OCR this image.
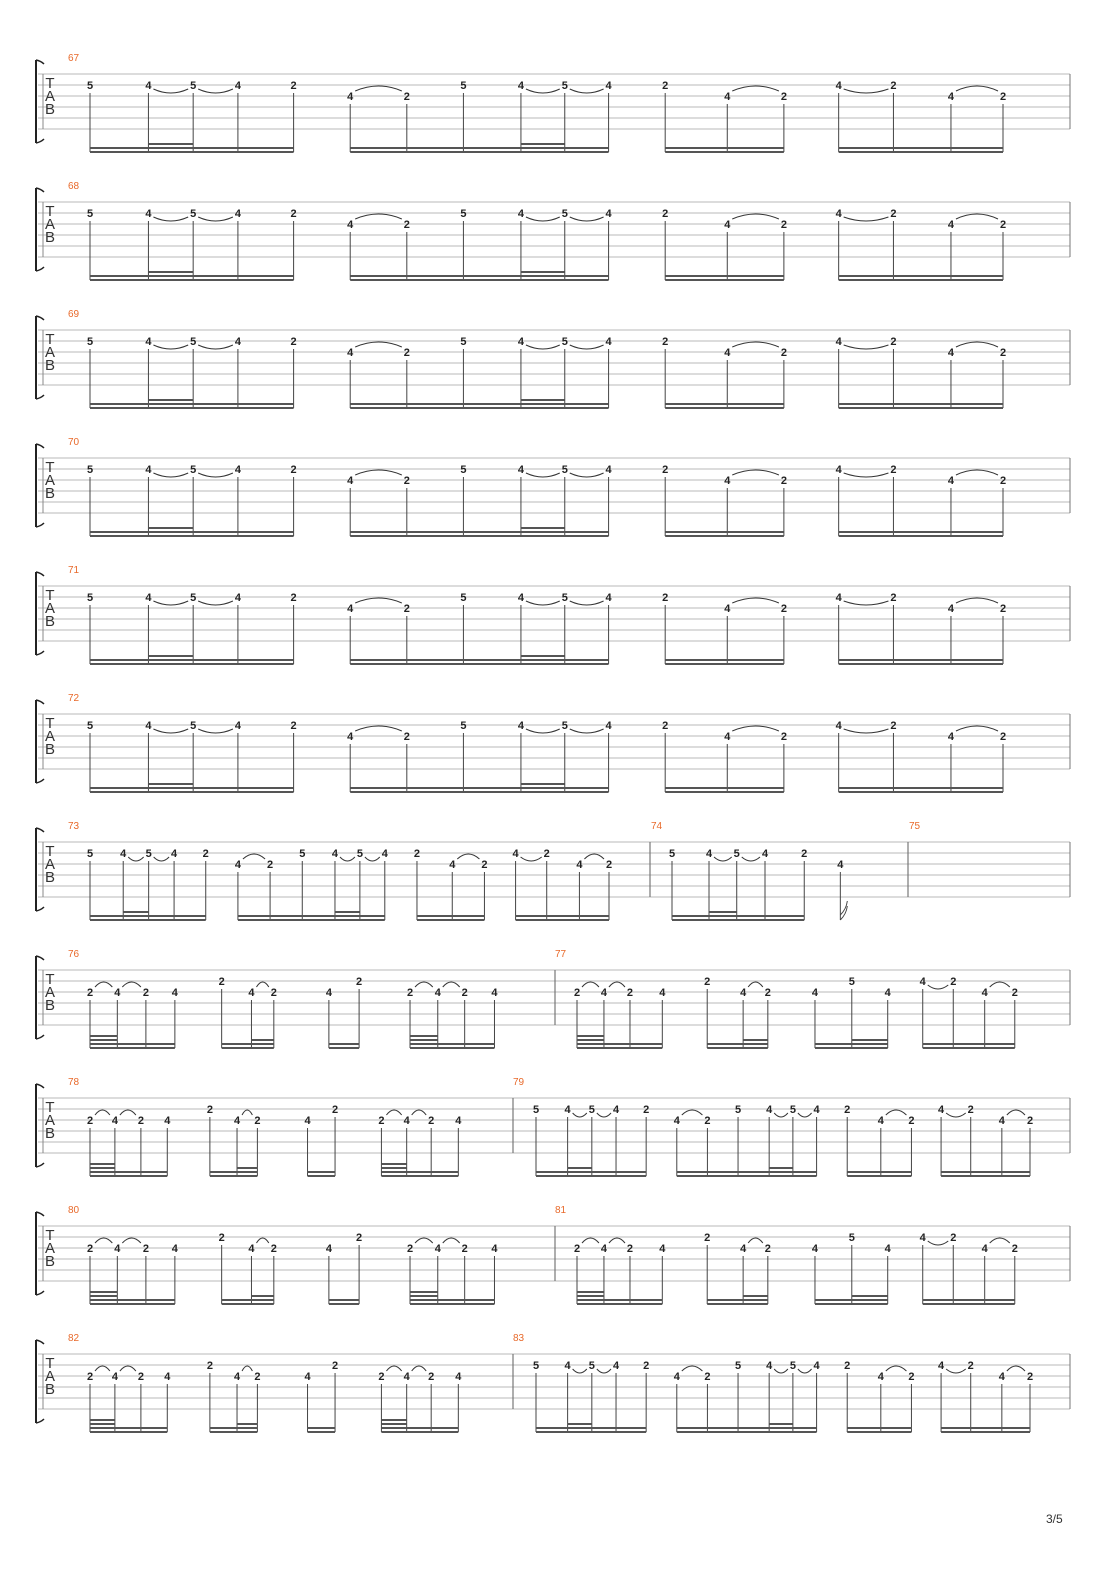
T
A
B
67
5	4	5	4	2
4	2
5	4	5	4	2
4	2
4	2
4	2
T
A
B
68
5	4	5	4	2
4	2
5	4	5	4	2
4	2
4	2
4	2
T
A
B
69
5	4	5	4	2
4	2
5	4	5	4	2
4	2
4	2
4	2
T
A
B
70
5	4	5	4	2
4	2
5	4	5	4	2
4	2
4	2
4	2
T
A
B
71
5	4	5	4	2
4	2
5	4	5	4	2
4	2
4	2
4	2
T
A
B
72
5	4	5	4	2
4	2
5	4	5	4	2
4	2
4	2
4	2
T
A
B
73
5 4 5 4 2
4 2
5 4 5 4 2
4 2
4 2
4 2
74
5	4 5 4	2
4
75
T
A
B
76
2 4 2 4
2
4 2	4
2
2 4 2 4
77
2 4 2 4
2
4 2	4
5
4
4 2
4 2
T
A
B
78
2 4 2 4
2
4 2	4
2
2 4 2 4
79
5 4 5 4 2
4 2
5 4 5 4 2
4 2
4 2
4 2
T
A
B
80
2 4 2 4
2
4 2	4
2
2 4 2 4
81
2 4 2 4
2
4 2	4
5
4
4 2
4 2
T
A
B
82
2 4 2 4
2
4 2	4
2
2 4 2 4
83
5 4 5 4 2
4 2
5 4 5 4 2
4 2
4 2
4 2
3/5
